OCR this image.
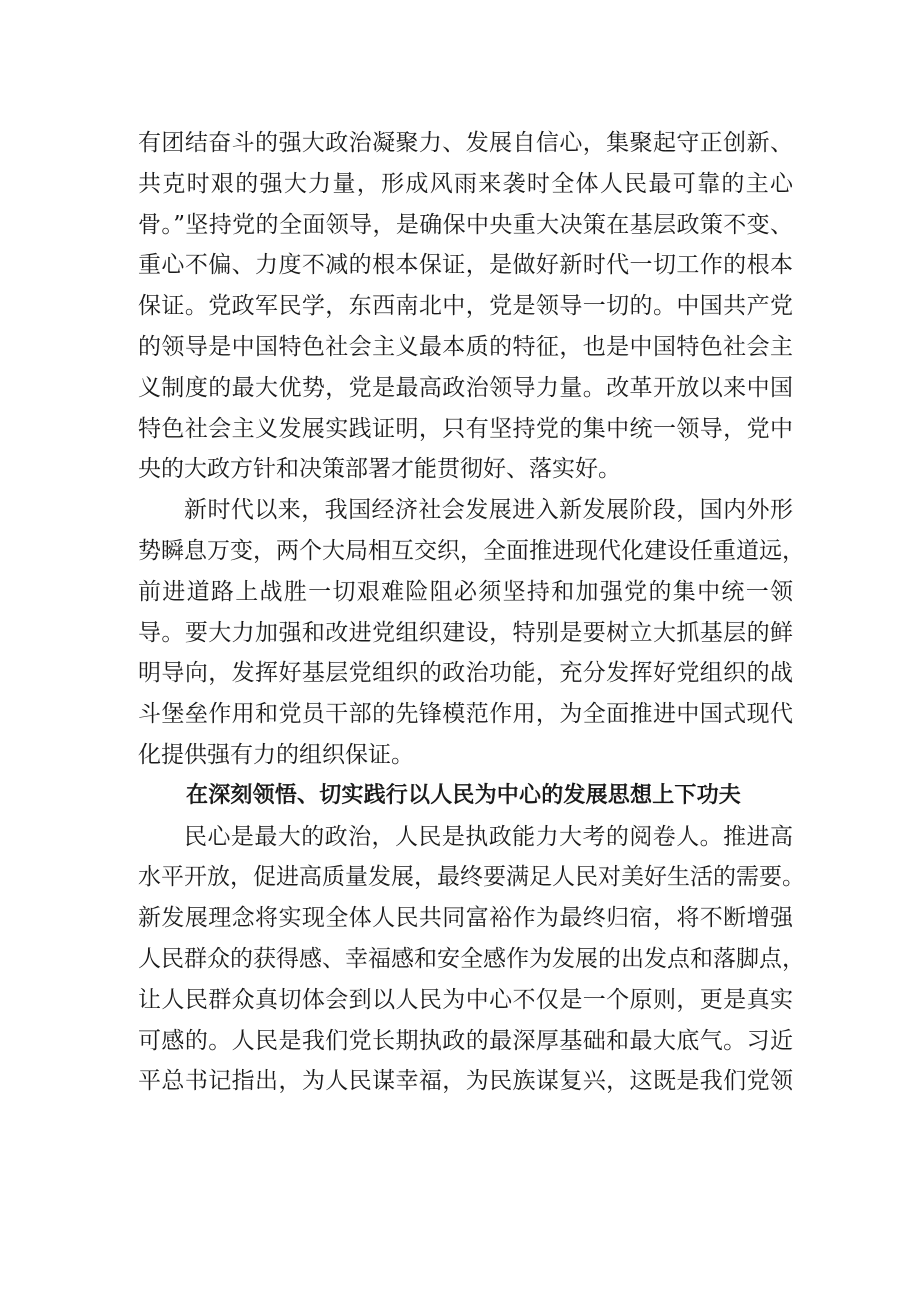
有团结奋斗的强大政治凝聚力、发展自信心，集聚起守正创新、
共克时艰的强大力量，形成风雨来袭时全体人民最可靠的主心
骨。”坚持党的全面领导，是确保中央重大决策在基层政策不变、
重心不偏、力度不减的根本保证，是做好新时代一切工作的根本
保证。党政军民学，东西南北中，党是领导一切的。中国共产党
的领导是中国特色社会主义最本质的特征，也是中国特色社会主
义制度的最大优势，党是最高政治领导力量。改革开放以来中国
特色社会主义发展实践证明，只有坚持党的集中统一领导，党中
央的大政方针和决策部署才能贯彻好、落实好。
新时代以来，我国经济社会发展进入新发展阶段，国内外形
势瞬息万变，两个大局相互交织，全面推进现代化建设任重道远，
前进道路上战胜一切艰难险阻必须坚持和加强党的集中统一领
导。要大力加强和改进党组织建设，特别是要树立大抓基层的鲜
明导向，发挥好基层党组织的政治功能，充分发挥好党组织的战
斗堡垒作用和党员干部的先锋模范作用，为全面推进中国式现代
化提供强有力的组织保证。
在深刻领悟、切实践行以人民为中心的发展思想上下功夫
民心是最大的政治，人民是执政能力大考的阅卷人。推进高
水平开放，促进高质量发展，最终要满足人民对美好生活的需要。
新发展理念将实现全体人民共同富裕作为最终归宿，将不断增强
人民群众的获得感、幸福感和安全感作为发展的出发点和落脚点，
让人民群众真切体会到以人民为中心不仅是一个原则，更是真实
可感的。人民是我们党长期执政的最深厚基础和最大底气。习近
平总书记指出，为人民谋幸福，为民族谋复兴，这既是我们党领
